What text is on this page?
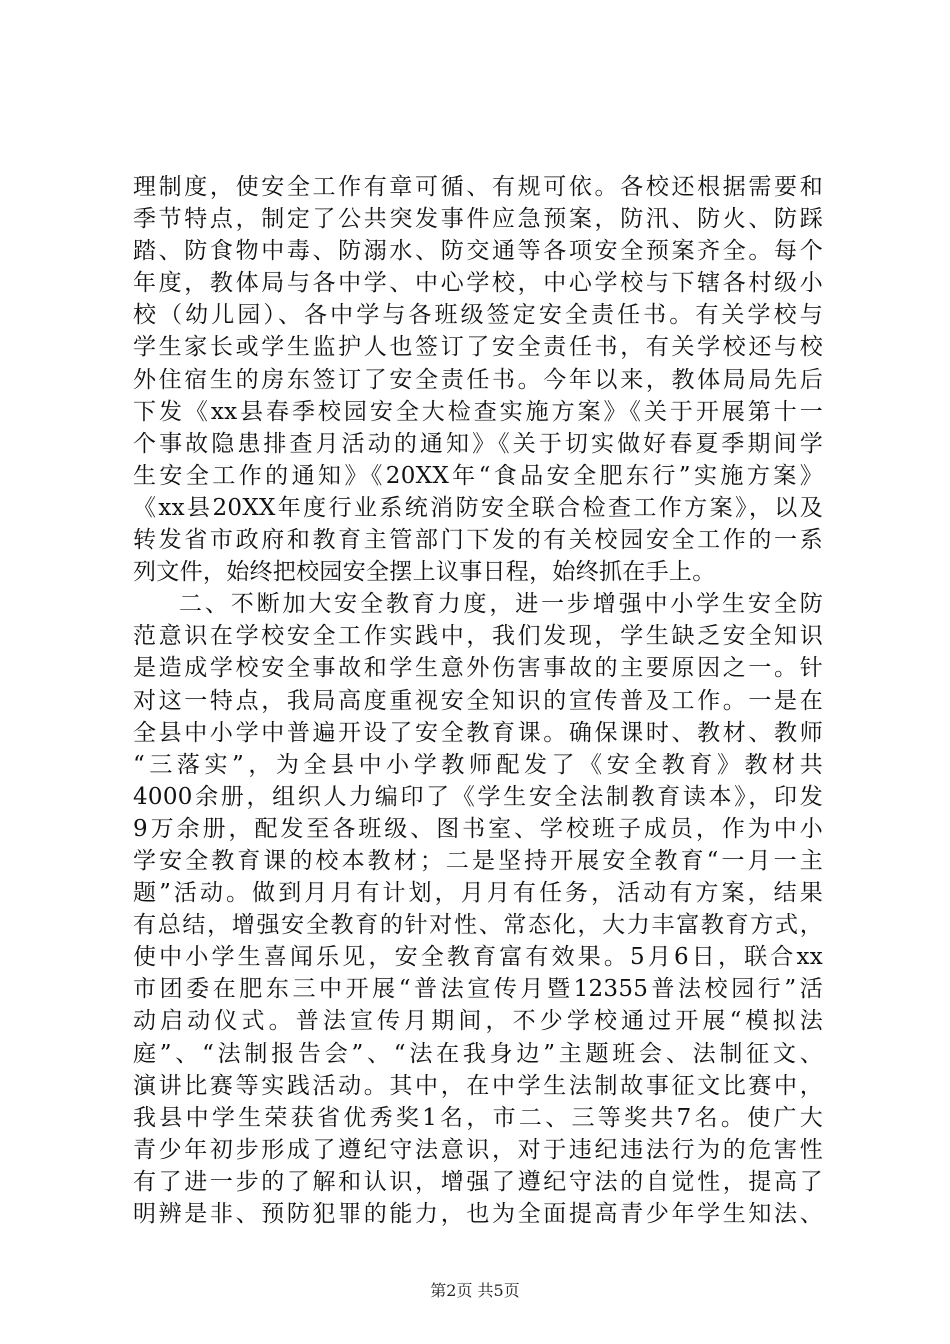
理制度，使安全工作有章可循、有规可依。各校还根据需要和
季节特点，制定了公共突发事件应急预案，防汛、防火、防踩
踏、防食物中毒、防溺水、防交通等各项安全预案齐全。每个
年度，教体局与各中学、中心学校，中心学校与下辖各村级小
校（幼儿园）、各中学与各班级签定安全责任书。有关学校与
学生家长或学生监护人也签订了安全责任书，有关学校还与校
外住宿生的房东签订了安全责任书。今年以来，教体局局先后
下发《xx县春季校园安全大检查实施方案》《关于开展第十一
个事故隐患排查月活动的通知》《关于切实做好春夏季期间学
生安全工作的通知》《20XX年“食品安全肥东行”实施方案》
《xx县20XX年度行业系统消防安全联合检查工作方案》，以及
转发省市政府和教育主管部门下发的有关校园安全工作的一系
列文件，始终把校园安全摆上议事日程，始终抓在手上。
二、不断加大安全教育力度，进一步增强中小学生安全防
范意识在学校安全工作实践中，我们发现，学生缺乏安全知识
是造成学校安全事故和学生意外伤害事故的主要原因之一。针
对这一特点，我局高度重视安全知识的宣传普及工作。一是在
全县中小学中普遍开设了安全教育课。确保课时、教材、教师
“三落实”，为全县中小学教师配发了《安全教育》教材共
4000余册，组织人力编印了《学生安全法制教育读本》，印发
9万余册，配发至各班级、图书室、学校班子成员，作为中小
学安全教育课的校本教材；二是坚持开展安全教育“一月一主
题”活动。做到月月有计划，月月有任务，活动有方案，结果
有总结，增强安全教育的针对性、常态化，大力丰富教育方式，
使中小学生喜闻乐见，安全教育富有效果。5月6日，联合xx
市团委在肥东三中开展“普法宣传月暨12355普法校园行”活
动启动仪式。普法宣传月期间，不少学校通过开展“模拟法
庭”、“法制报告会”、“法在我身边”主题班会、法制征文、
演讲比赛等实践活动。其中，在中学生法制故事征文比赛中，
我县中学生荣获省优秀奖1名，市二、三等奖共7名。使广大
青少年初步形成了遵纪守法意识，对于违纪违法行为的危害性
有了进一步的了解和认识，增强了遵纪守法的自觉性，提高了
明辨是非、预防犯罪的能力，也为全面提高青少年学生知法、
第2页 共5页
